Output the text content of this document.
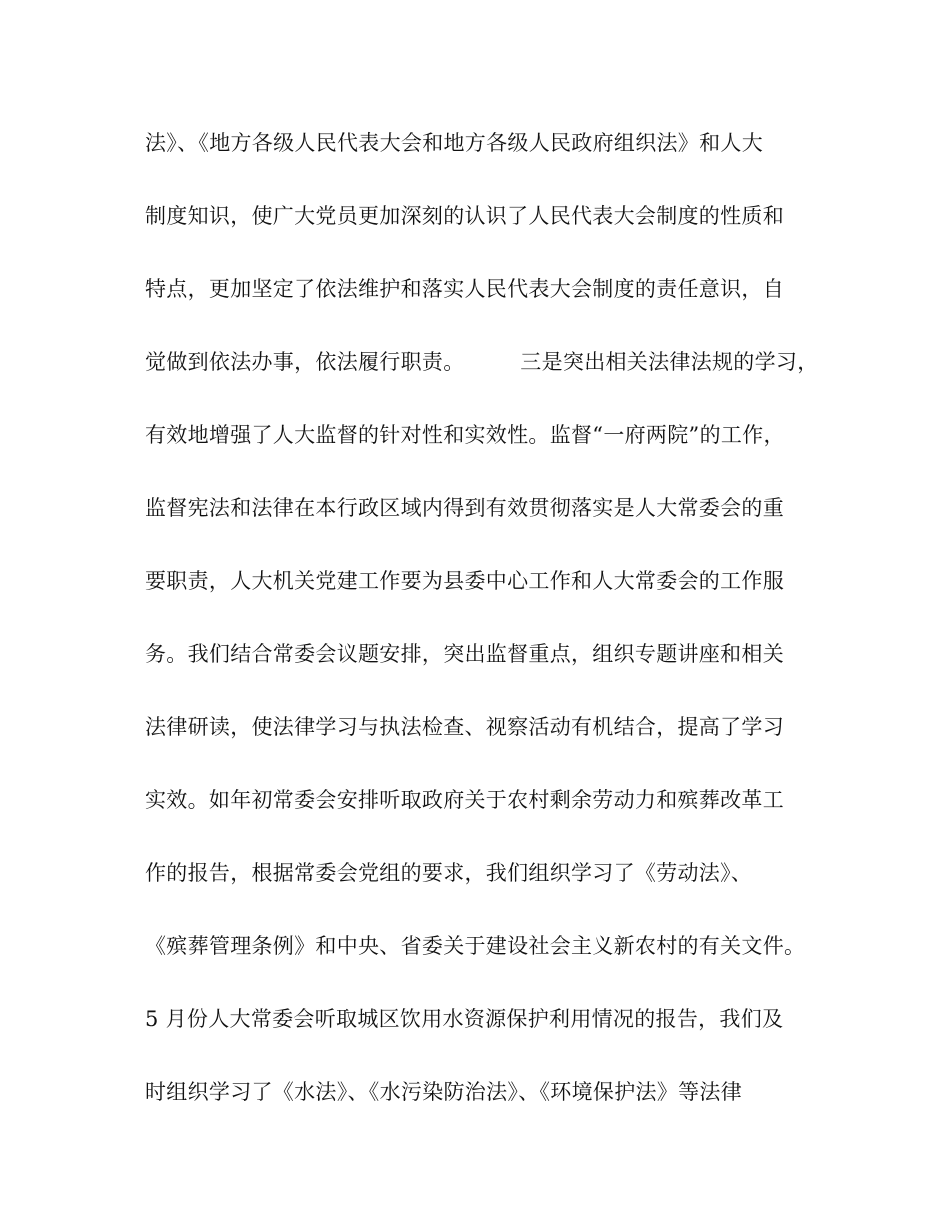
法》、《地方各级人民代表大会和地方各级人民政府组织法》和人大
制度知识，使广大党员更加深刻的认识了人民代表大会制度的性质和
特点，更加坚定了依法维护和落实人民代表大会制度的责任意识，自
觉做到依法办事，依法履行职责。        三是突出相关法律法规的学习，
有效地增强了人大监督的针对性和实效性。监督“一府两院”的工作，
监督宪法和法律在本行政区域内得到有效贯彻落实是人大常委会的重
要职责，人大机关党建工作要为县委中心工作和人大常委会的工作服
务。我们结合常委会议题安排，突出监督重点，组织专题讲座和相关
法律研读，使法律学习与执法检查、视察活动有机结合，提高了学习
实效。如年初常委会安排听取政府关于农村剩余劳动力和殡葬改革工
作的报告，根据常委会党组的要求，我们组织学习了《劳动法》、
《殡葬管理条例》和中央、省委关于建设社会主义新农村的有关文件。
5 月份人大常委会听取城区饮用水资源保护利用情况的报告，我们及
时组织学习了《水法》、《水污染防治法》、《环境保护法》等法律
